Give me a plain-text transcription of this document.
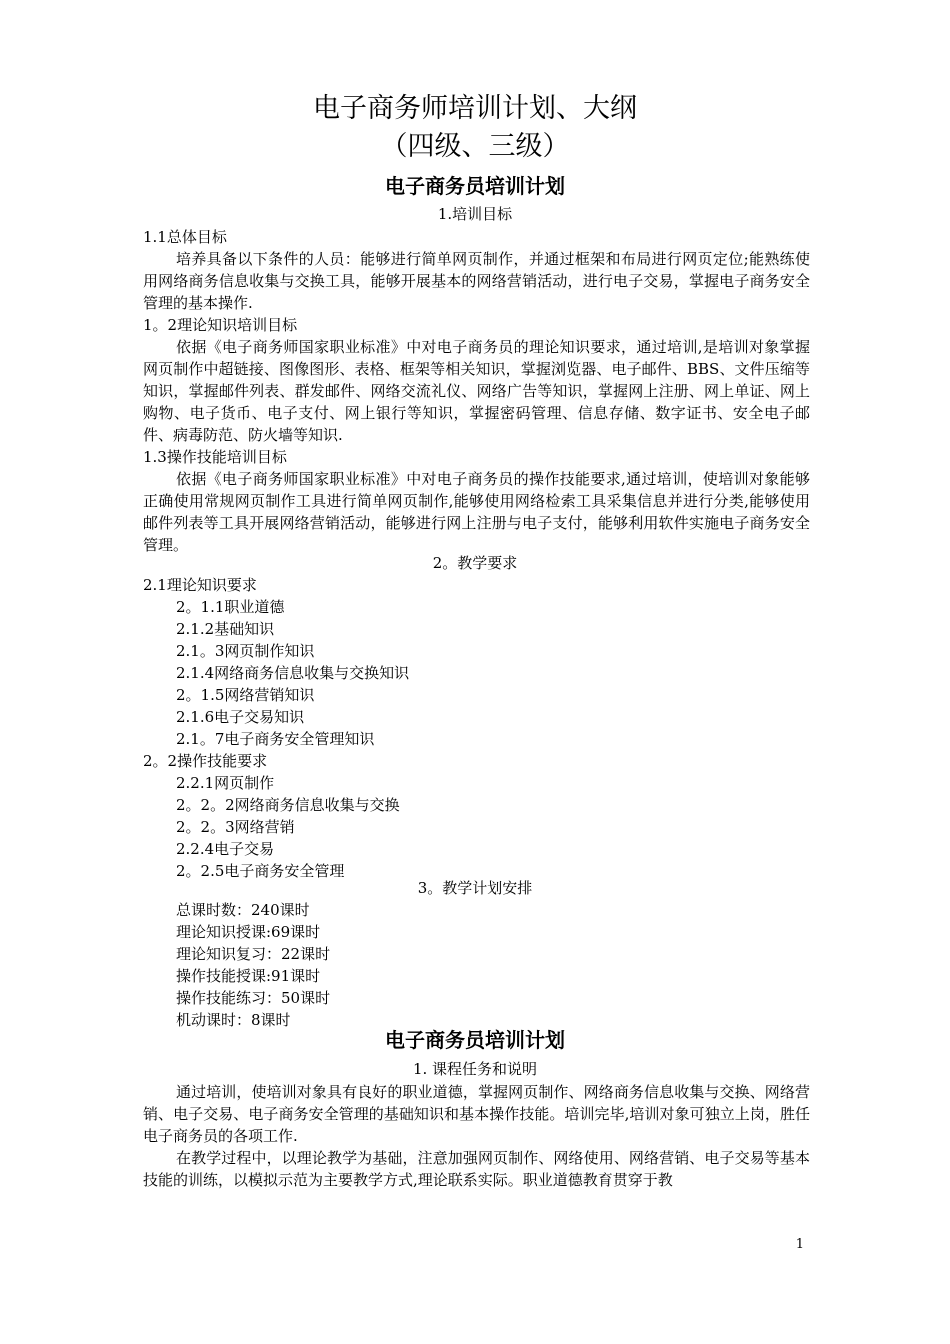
电子商务师培训计划、大纲
（四级、三级）
电子商务员培训计划
1.培训目标
1.1总体目标
培养具备以下条件的人员：能够进行简单网页制作，并通过框架和布局进行网页定位;能熟练使用网络商务信息收集与交换工具，能够开展基本的网络营销活动，进行电子交易，掌握电子商务安全管理的基本操作.
1。2理论知识培训目标
依据《电子商务师国家职业标准》中对电子商务员的理论知识要求，通过培训,是培训对象掌握网页制作中超链接、图像图形、表格、框架等相关知识，掌握浏览器、电子邮件、BBS、文件压缩等知识，掌握邮件列表、群发邮件、网络交流礼仪、网络广告等知识，掌握网上注册、网上单证、网上购物、电子货币、电子支付、网上银行等知识，掌握密码管理、信息存储、数字证书、安全电子邮件、病毒防范、防火墙等知识.
1.3操作技能培训目标
依据《电子商务师国家职业标准》中对电子商务员的操作技能要求,通过培训，使培训对象能够正确使用常规网页制作工具进行简单网页制作,能够使用网络检索工具采集信息并进行分类,能够使用邮件列表等工具开展网络营销活动，能够进行网上注册与电子支付，能够利用软件实施电子商务安全管理。
2。教学要求
2.1理论知识要求
2。1.1职业道德
2.1.2基础知识
2.1。3网页制作知识
2.1.4网络商务信息收集与交换知识
2。1.5网络营销知识
2.1.6电子交易知识
2.1。7电子商务安全管理知识
2。2操作技能要求
2.2.1网页制作
2。2。2网络商务信息收集与交换
2。2。3网络营销
2.2.4电子交易
2。2.5电子商务安全管理
3。教学计划安排
总课时数：240课时
理论知识授课:69课时
理论知识复习：22课时
操作技能授课:91课时
操作技能练习：50课时
机动课时：8课时
电子商务员培训计划
1. 课程任务和说明
通过培训，使培训对象具有良好的职业道德，掌握网页制作、网络商务信息收集与交换、网络营销、电子交易、电子商务安全管理的基础知识和基本操作技能。培训完毕,培训对象可独立上岗，胜任电子商务员的各项工作.
在教学过程中，以理论教学为基础，注意加强网页制作、网络使用、网络营销、电子交易等基本技能的训练，以模拟示范为主要教学方式,理论联系实际。职业道德教育贯穿于教
1
